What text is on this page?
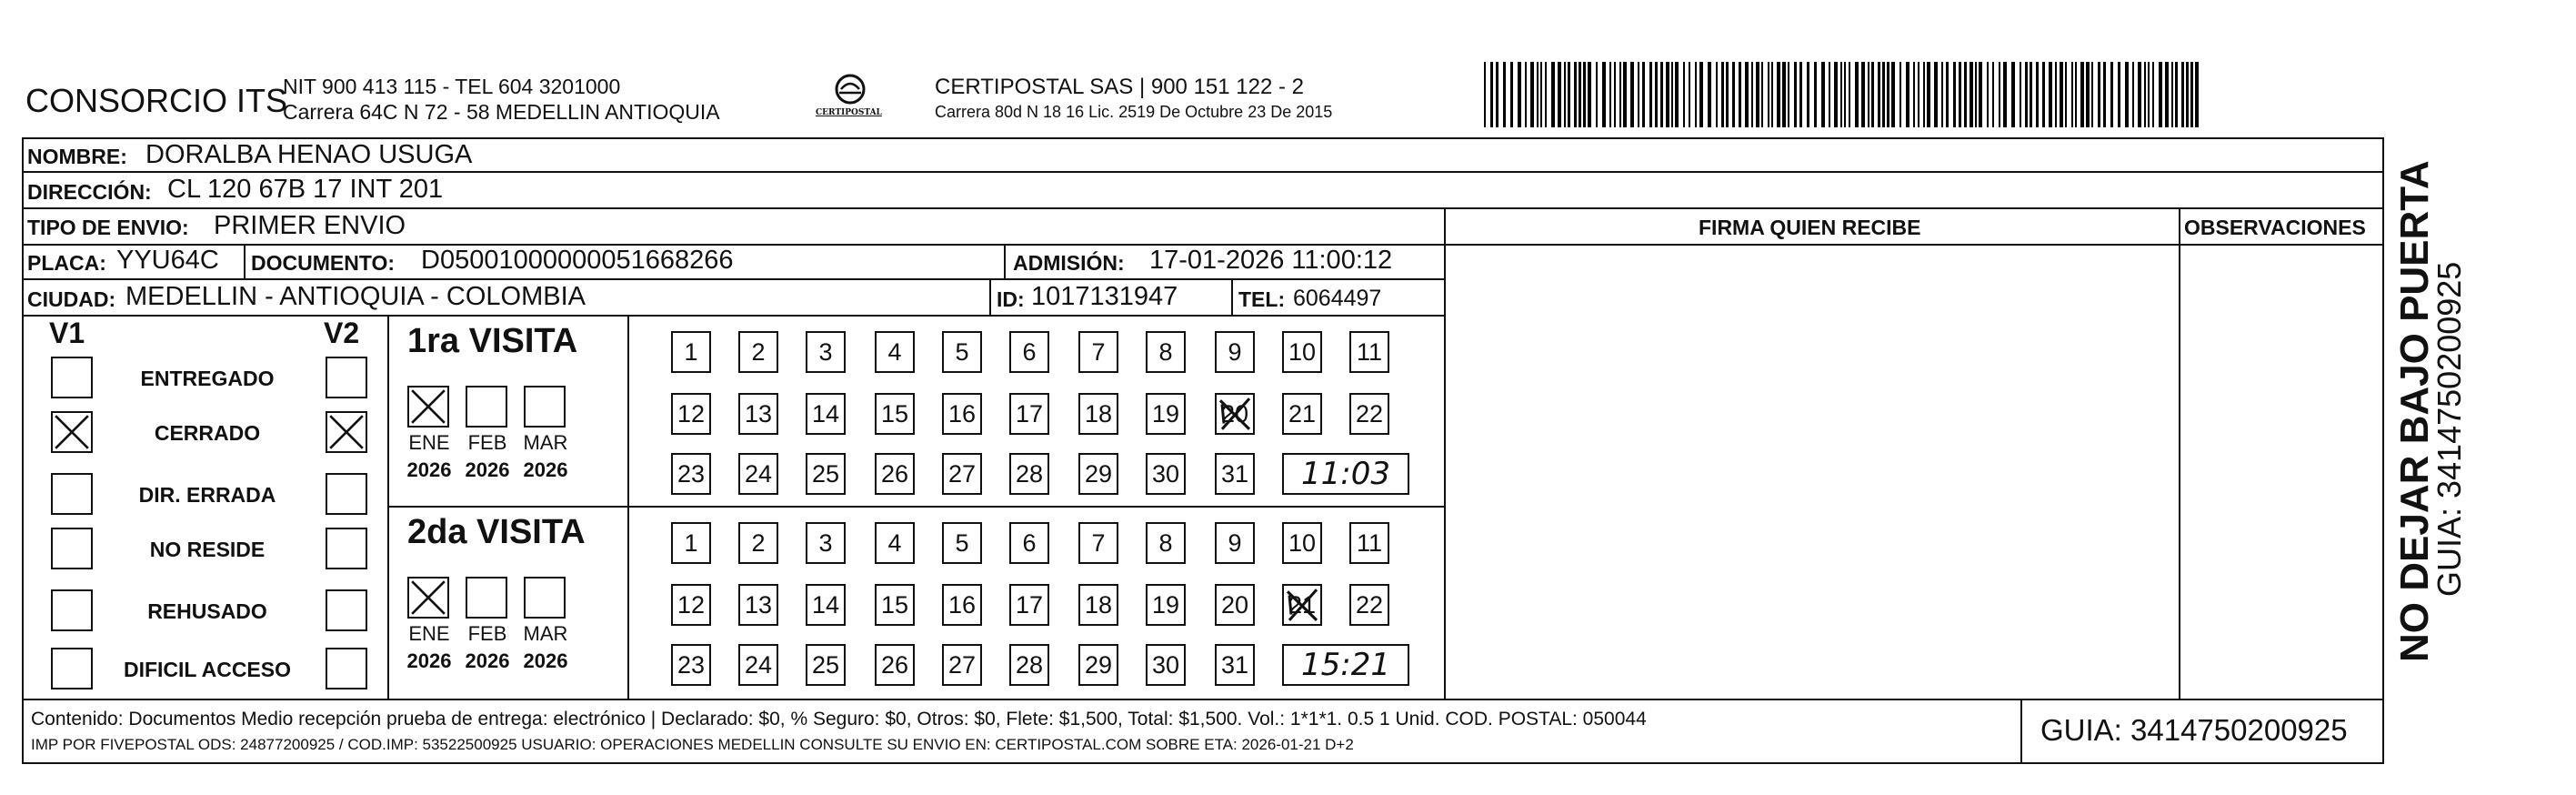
CONSORCIO ITS
NIT 900 413 115 - TEL 604 3201000
Carrera 64C N 72 - 58 MEDELLIN ANTIOQUIA	CERTIPOSTAL
CERTIPOSTAL SAS | 900 151 122 - 2
Carrera 80d N 18 16 Lic. 2519 De Octubre 23 De 2015
NOMBRE: DORALBA HENAO USUGA
DIRECCIÓN: CL 120 67B 17 INT 201
TIPO DE ENVIO: PRIMER ENVIO	FIRMA QUIEN RECIBE	OBSERVACIONES
PLACA: YYU64C DOCUMENTO: D05001000000051668266	ADMISIÓN: 17-01-2026 11:00:12
CIUDAD: MEDELLIN - ANTIOQUIA - COLOMBIA	ID: 1017131947	TEL: 6064497
V1	V2
ENTREGADO
CERRADO
DIR. ERRADA
NO RESIDE
REHUSADO
DIFICIL ACCESO
1ra VISITA
ENE
2026
FEB
2026
MAR
2026
1 2 3 4 5 6 7 8 9 10 11
12 13 14 15 16 17 18 19 20 21 22
23 24 25 26 27 28 29 30 31	11:03
2da VISITA
ENE
2026
FEB
2026
MAR
2026
1 2 3 4 5 6 7 8 9 10 11
12 13 14 15 16 17 18 19 20 21 22
23 24 25 26 27 28 29 30 31	15:21
Contenido: Documentos Medio recepción prueba de entrega: electrónico | Declarado: $0, % Seguro: $0, Otros: $0, Flete: $1,500, Total: $1,500. Vol.: 1*1*1. 0.5 1 Unid. COD. POSTAL: 050044
IMP POR FIVEPOSTAL ODS: 24877200925 / COD.IMP: 53522500925 USUARIO: OPERACIONES MEDELLIN CONSULTE SU ENVIO EN: CERTIPOSTAL.COM SOBRE ETA: 2026-01-21 D+2	GUIA: 3414750200925
NO DEJAR BAJO PUERTA
GUIA: 3414750200925
